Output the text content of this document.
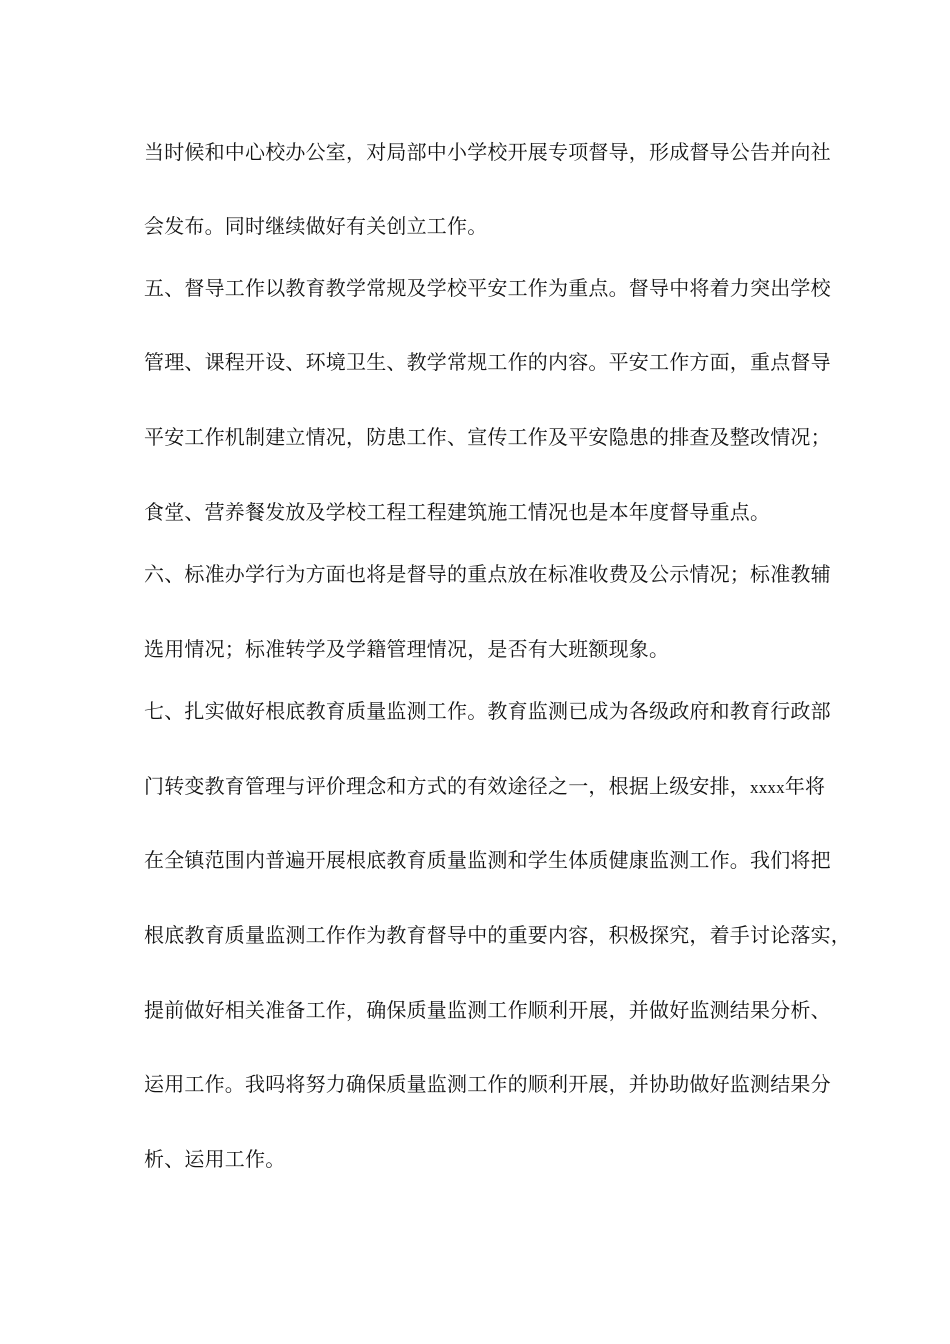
当时候和中心校办公室，对局部中小学校开展专项督导，形成督导公告并向社
会发布。同时继续做好有关创立工作。
五、督导工作以教育教学常规及学校平安工作为重点。督导中将着力突出学校
管理、课程开设、环境卫生、教学常规工作的内容。平安工作方面，重点督导
平安工作机制建立情况，防患工作、宣传工作及平安隐患的排查及整改情况；
食堂、营养餐发放及学校工程工程建筑施工情况也是本年度督导重点。
六、标准办学行为方面也将是督导的重点放在标准收费及公示情况；标准教辅
选用情况；标准转学及学籍管理情况，是否有大班额现象。
七、扎实做好根底教育质量监测工作。教育监测已成为各级政府和教育行政部
门转变教育管理与评价理念和方式的有效途径之一，根据上级安排，xxxx年将
在全镇范围内普遍开展根底教育质量监测和学生体质健康监测工作。我们将把
根底教育质量监测工作作为教育督导中的重要内容，积极探究，着手讨论落实，
提前做好相关准备工作，确保质量监测工作顺利开展，并做好监测结果分析、
运用工作。我吗将努力确保质量监测工作的顺利开展，并协助做好监测结果分
析、运用工作。
